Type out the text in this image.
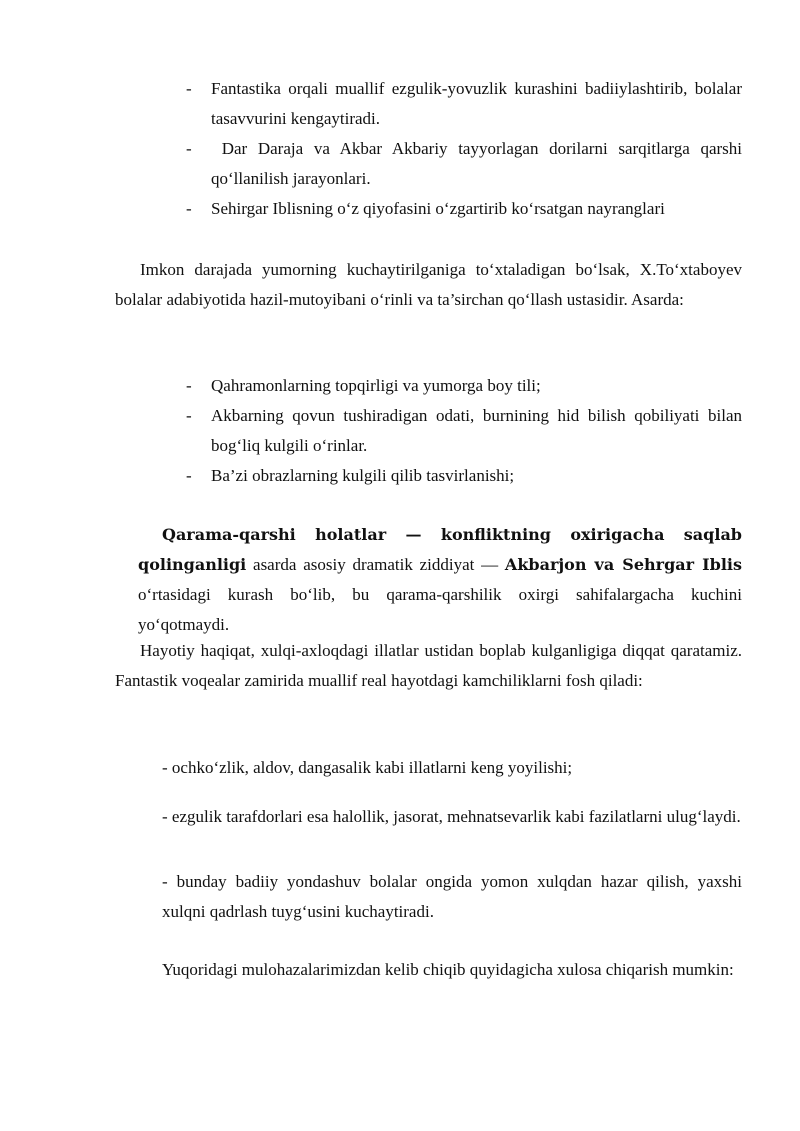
- Fantastika orqali muallif ezgulik-yovuzlik kurashini badiiylashtirib, bolalar tasavvurini kengaytiradi.
- Dar Daraja va Akbar Akbariy tayyorlagan dorilarni sarqitlarga qarshi qo‘llanilish jarayonlari.
- Sehirgar Iblisning o‘z qiyofasini o‘zgartirib ko‘rsatgan nayranglari

Imkon darajada yumorning kuchaytirilganiga to‘xtaladigan bo‘lsak, X.To‘xtaboyev bolalar adabiyotida hazil-mutoyibani o‘rinli va ta’sirchan qo‘llash ustasidir. Asarda:

- Qahramonlarning topqirligi va yumorga boy tili;
- Akbarning qovun tushiradigan odati, burnining hid bilish qobiliyati bilan bog‘liq kulgili o‘rinlar.
- Ba’zi obrazlarning kulgili qilib tasvirlanishi;

Qarama-qarshi holatlar — konfliktning oxirigacha saqlab qolinganligi asarda asosiy dramatik ziddiyat — Akbarjon va Sehrgar Iblis o‘rtasidagi kurash bo‘lib, bu qarama-qarshilik oxirgi sahifalargacha kuchini yo‘qotmaydi.

Hayotiy haqiqat, xulqi-axloqdagi illatlar ustidan boplab kulganligiga diqqat qaratamiz. Fantastik voqealar zamirida muallif real hayotdagi kamchiliklarni fosh qiladi:

- ochko‘zlik, aldov, dangasalik kabi illatlarni keng yoyilishi;

- ezgulik tarafdorlari esa halollik, jasorat, mehnatsevarlik kabi fazilatlarni ulug‘laydi.

- bunday badiiy yondashuv bolalar ongida yomon xulqdan hazar qilish, yaxshi xulqni qadrlash tuyg‘usini kuchaytiradi.

Yuqoridagi mulohazalarimizdan kelib chiqib quyidagicha xulosa chiqarish mumkin:
